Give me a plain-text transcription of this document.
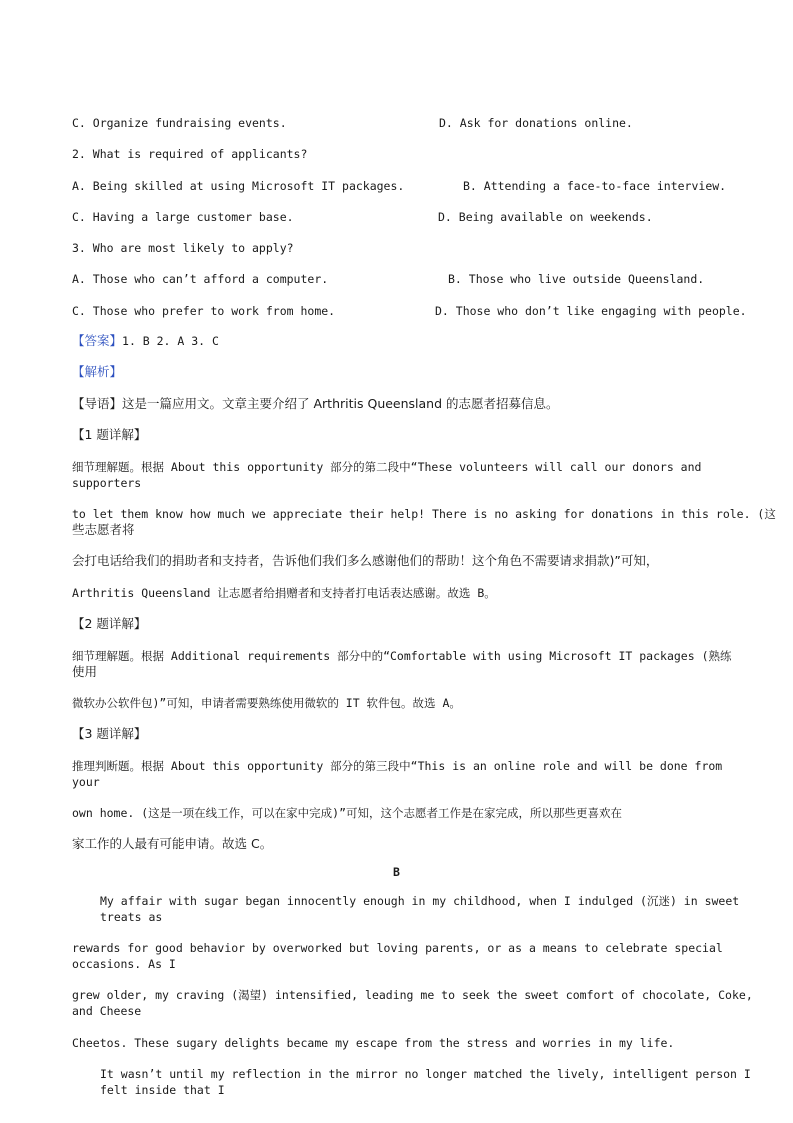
C. Organize fundraising events.	D. Ask for donations online.
2. What is required of applicants?
A. Being skilled at using Microsoft IT packages.	B. Attending a face-to-face interview.
C. Having a large customer base.	D. Being available on weekends.
3. Who are most likely to apply?
A. Those who can’t afford a computer.	B. Those who live outside Queensland.
C. Those who prefer to work from home.	D. Those who don’t like engaging with people.
【答案】1. B 2. A 3. C
【解析】
【导语】这是一篇应用文。文章主要介绍了 Arthritis Queensland 的志愿者招募信息。
【1 题详解】
细节理解题。根据 About this opportunity 部分的第二段中“These volunteers will call our donors and
supporters
to let them know how much we appreciate their help! There is no asking for donations in this role. (这
些志愿者将
会打电话给我们的捐助者和支持者，告诉他们我们多么感谢他们的帮助！这个角色不需要请求捐款)”可知，
Arthritis Queensland 让志愿者给捐赠者和支持者打电话表达感谢。故选 B。
【2 题详解】
细节理解题。根据 Additional requirements 部分中的“Comfortable with using Microsoft IT packages (熟练
使用
微软办公软件包)”可知，申请者需要熟练使用微软的 IT 软件包。故选 A。
【3 题详解】
推理判断题。根据 About this opportunity 部分的第三段中“This is an online role and will be done from
your
own home. (这是一项在线工作，可以在家中完成)”可知，这个志愿者工作是在家完成，所以那些更喜欢在
家工作的人最有可能申请。故选 C。
B
My affair with sugar began innocently enough in my childhood, when I indulged (沉迷) in sweet
treats as
rewards for good behavior by overworked but loving parents, or as a means to celebrate special
occasions. As I
grew older, my craving (渴望) intensified, leading me to seek the sweet comfort of chocolate, Coke,
and Cheese
Cheetos. These sugary delights became my escape from the stress and worries in my life.
It wasn’t until my reflection in the mirror no longer matched the lively, intelligent person I
felt inside that I
